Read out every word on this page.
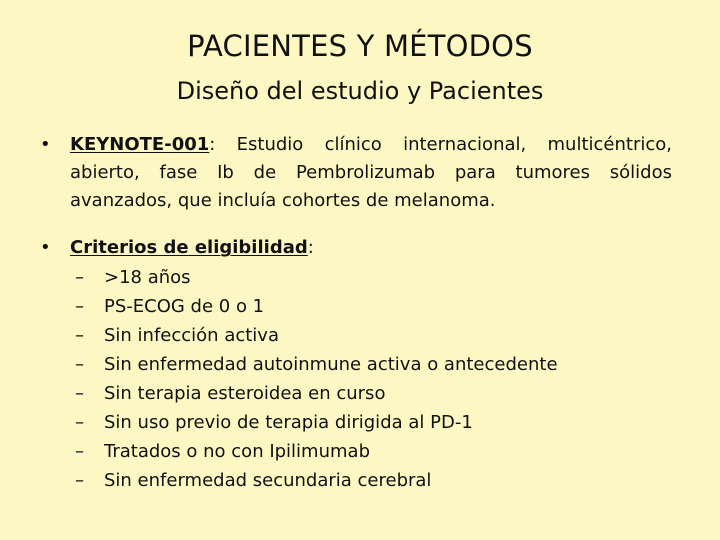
PACIENTES Y MÉTODOS
Diseño del estudio y Pacientes
•	KEYNOTE-001: Estudio clínico internacional, multicéntrico, abierto, fase Ib de Pembrolizumab para tumores sólidos avanzados, que incluía cohortes de melanoma.
•	Criterios de eligibilidad:
–	>18 años
–	PS-ECOG de 0 o 1
–	Sin infección activa
–	Sin enfermedad autoinmune activa o antecedente
–	Sin terapia esteroidea en curso
–	Sin uso previo de terapia dirigida al PD-1
–	Tratados o no con Ipilimumab
–	Sin enfermedad secundaria cerebral
